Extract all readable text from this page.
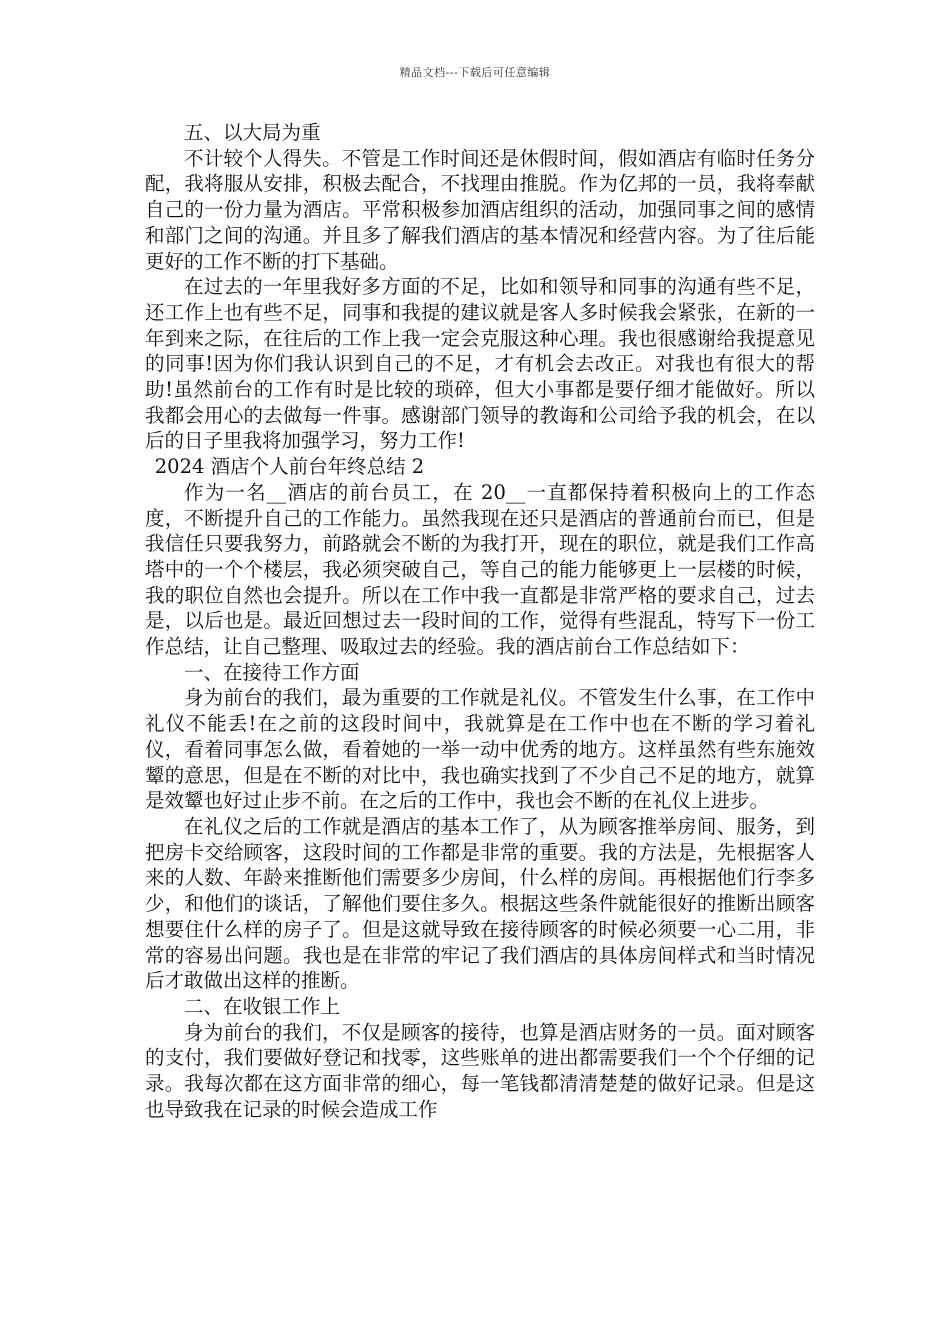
精品文档---下载后可任意编辑

五、以大局为重

不计较个人得失。不管是工作时间还是休假时间，假如酒店有临时任务分配，我将服从安排，积极去配合，不找理由推脱。作为亿邦的一员，我将奉献自己的一份力量为酒店。平常积极参加酒店组织的活动，加强同事之间的感情和部门之间的沟通。并且多了解我们酒店的基本情况和经营内容。为了往后能更好的工作不断的打下基础。

在过去的一年里我好多方面的不足，比如和领导和同事的沟通有些不足，还工作上也有些不足，同事和我提的建议就是客人多时候我会紧张，在新的一年到来之际，在往后的工作上我一定会克服这种心理。我也很感谢给我提意见的同事!因为你们我认识到自己的不足，才有机会去改正。对我也有很大的帮助!虽然前台的工作有时是比较的琐碎，但大小事都是要仔细才能做好。所以我都会用心的去做每一件事。感谢部门领导的教诲和公司给予我的机会，在以后的日子里我将加强学习，努力工作!

2024 酒店个人前台年终总结 2

作为一名__酒店的前台员工，在 20__一直都保持着积极向上的工作态度，不断提升自己的工作能力。虽然我现在还只是酒店的普通前台而已，但是我信任只要我努力，前路就会不断的为我打开，现在的职位，就是我们工作高塔中的一个个楼层，我必须突破自己，等自己的能力能够更上一层楼的时候，我的职位自然也会提升。所以在工作中我一直都是非常严格的要求自己，过去是，以后也是。最近回想过去一段时间的工作，觉得有些混乱，特写下一份工作总结，让自己整理、吸取过去的经验。我的酒店前台工作总结如下：

一、在接待工作方面

身为前台的我们，最为重要的工作就是礼仪。不管发生什么事，在工作中礼仪不能丢!在之前的这段时间中，我就算是在工作中也在不断的学习着礼仪，看着同事怎么做，看着她的一举一动中优秀的地方。这样虽然有些东施效颦的意思，但是在不断的对比中，我也确实找到了不少自己不足的地方，就算是效颦也好过止步不前。在之后的工作中，我也会不断的在礼仪上进步。

在礼仪之后的工作就是酒店的基本工作了，从为顾客推举房间、服务，到把房卡交给顾客，这段时间的工作都是非常的重要。我的方法是，先根据客人来的人数、年龄来推断他们需要多少房间，什么样的房间。再根据他们行李多少，和他们的谈话，了解他们要住多久。根据这些条件就能很好的推断出顾客想要住什么样的房子了。但是这就导致在接待顾客的时候必须要一心二用，非常的容易出问题。我也是在非常的牢记了我们酒店的具体房间样式和当时情况后才敢做出这样的推断。

二、在收银工作上

身为前台的我们，不仅是顾客的接待，也算是酒店财务的一员。面对顾客的支付，我们要做好登记和找零，这些账单的进出都需要我们一个个仔细的记录。我每次都在这方面非常的细心，每一笔钱都清清楚楚的做好记录。但是这也导致我在记录的时候会造成工作
